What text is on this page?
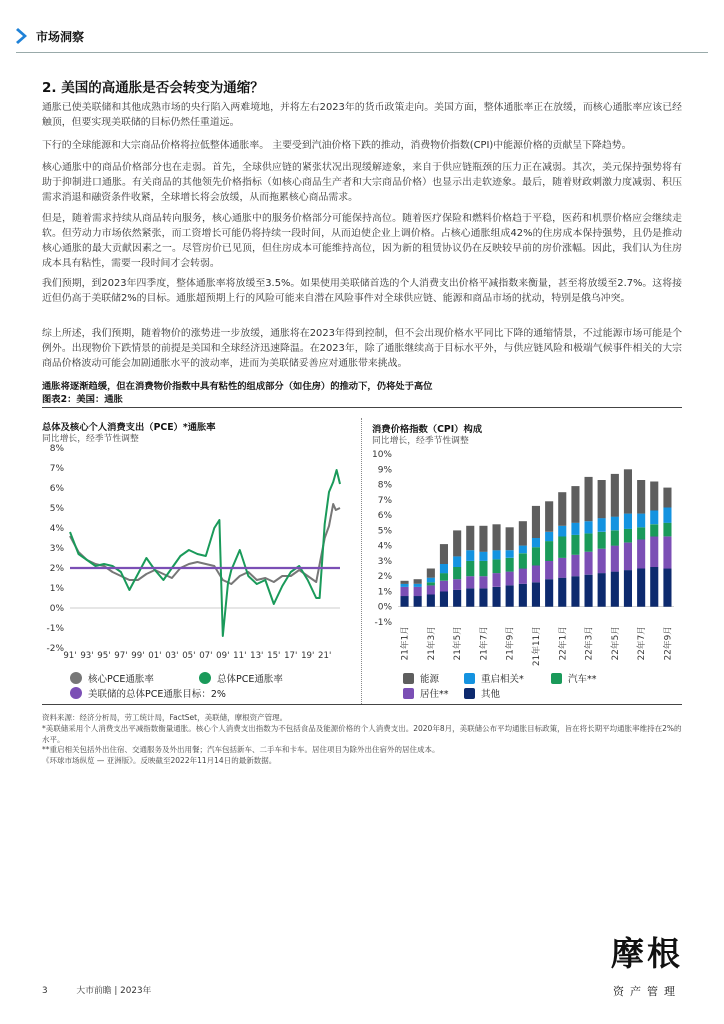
市场洞察
2. 美国的高通胀是否会转变为通缩？

通胀已使美联储和其他成熟市场的央行陷入两难境地，并将左右2023年的货币政策走向。美国方面，整体通胀率正在放缓，而核心通胀率应该已经触顶，但要实现美联储的目标仍然任重道远。

下行的全球能源和大宗商品价格将拉低整体通胀率。 主要受到汽油价格下跌的推动，消费物价指数(CPI)中能源价格的贡献呈下降趋势。

核心通胀中的商品价格部分也在走弱。首先，全球供应链的紧张状况出现缓解迹象，来自于供应链瓶颈的压力正在减弱。其次，美元保持强势将有助于抑制进口通胀。有关商品的其他领先价格指标（如核心商品生产者和大宗商品价格）也显示出走软迹象。最后，随着财政刺激力度减弱、积压需求消退和融资条件收紧，全球增长将会放缓，从而拖累核心商品需求。

但是，随着需求持续从商品转向服务，核心通胀中的服务价格部分可能保持高位。随着医疗保险和燃料价格趋于平稳，医药和机票价格应会继续走软。但劳动力市场依然紧张，而工资增长可能仍将持续一段时间，从而迫使企业上调价格。占核心通胀组成42%的住房成本保持强势，且仍是推动核心通胀的最大贡献因素之一。尽管房价已见顶，但住房成本可能维持高位，因为新的租赁协议仍在反映较早前的房价涨幅。因此，我们认为住房成本具有粘性，需要一段时间才会转弱。

我们预期，到2023年四季度，整体通胀率将放缓至3.5%。如果使用美联储首选的个人消费支出价格平减指数来衡量，甚至将放缓至2.7%。这将接近但仍高于美联储2%的目标。通胀超预期上行的风险可能来自潜在风险事件对全球供应链、能源和商品市场的扰动，特别是俄乌冲突。

综上所述，我们预期，随着物价的涨势进一步放缓，通胀将在2023年得到控制，但不会出现价格水平同比下降的通缩情景，不过能源市场可能是个例外。出现物价下跌情景的前提是美国和全球经济迅速降温。在2023年，除了通胀继续高于目标水平外，与供应链风险和极端气候事件相关的大宗商品价格波动可能会加剧通胀水平的波动率，进而为美联储妥善应对通胀带来挑战。

通胀将逐渐趋缓，但在消费物价指数中具有粘性的组成部分（如住房）的推动下，仍将处于高位
图表2：美国：通胀
总体及核心个人消费支出（PCE）*通胀率
同比增长，经季节性调整
8%
7%
6%
5%
4%
3%
2%
1%
0%
-1%
-2%
91' 93' 95' 97' 99' 01' 03' 05' 07' 09' 11' 13' 15' 17' 19' 21'
消费价格指数（CPI）构成
同比增长，经季节性调整
10%
9%
8%
7%
6%
5%
4%
3%
2%
1%
0%
-1%
21年1月 21年3月 21年5月 21年7月 21年9月 21年11月 22年1月 22年3月 22年5月 22年7月 22年9月
核心PCE通胀率	总体PCE通胀率
美联储的总体PCE通胀目标：2%
能源	重启相关*	汽车**
居住**	其他
资料来源：经济分析局，劳工统计局，FactSet，美联储，摩根资产管理。
*美联储采用个人消费支出平减指数衡量通胀。核心个人消费支出指数为不包括食品及能源价格的个人消费支出。2020年8月，美联储公布平均通胀目标政策，旨在将长期平均通胀率维持在2%的水平。
**重启相关包括外出住宿、交通服务及外出用餐；汽车包括新车、二手车和卡车。居住项目为除外出住宿外的居住成本。
《环球市场纵览 — 亚洲版》。反映截至2022年11月14日的最新数据。
摩根
资产管理
3	大市前瞻 | 2023年
